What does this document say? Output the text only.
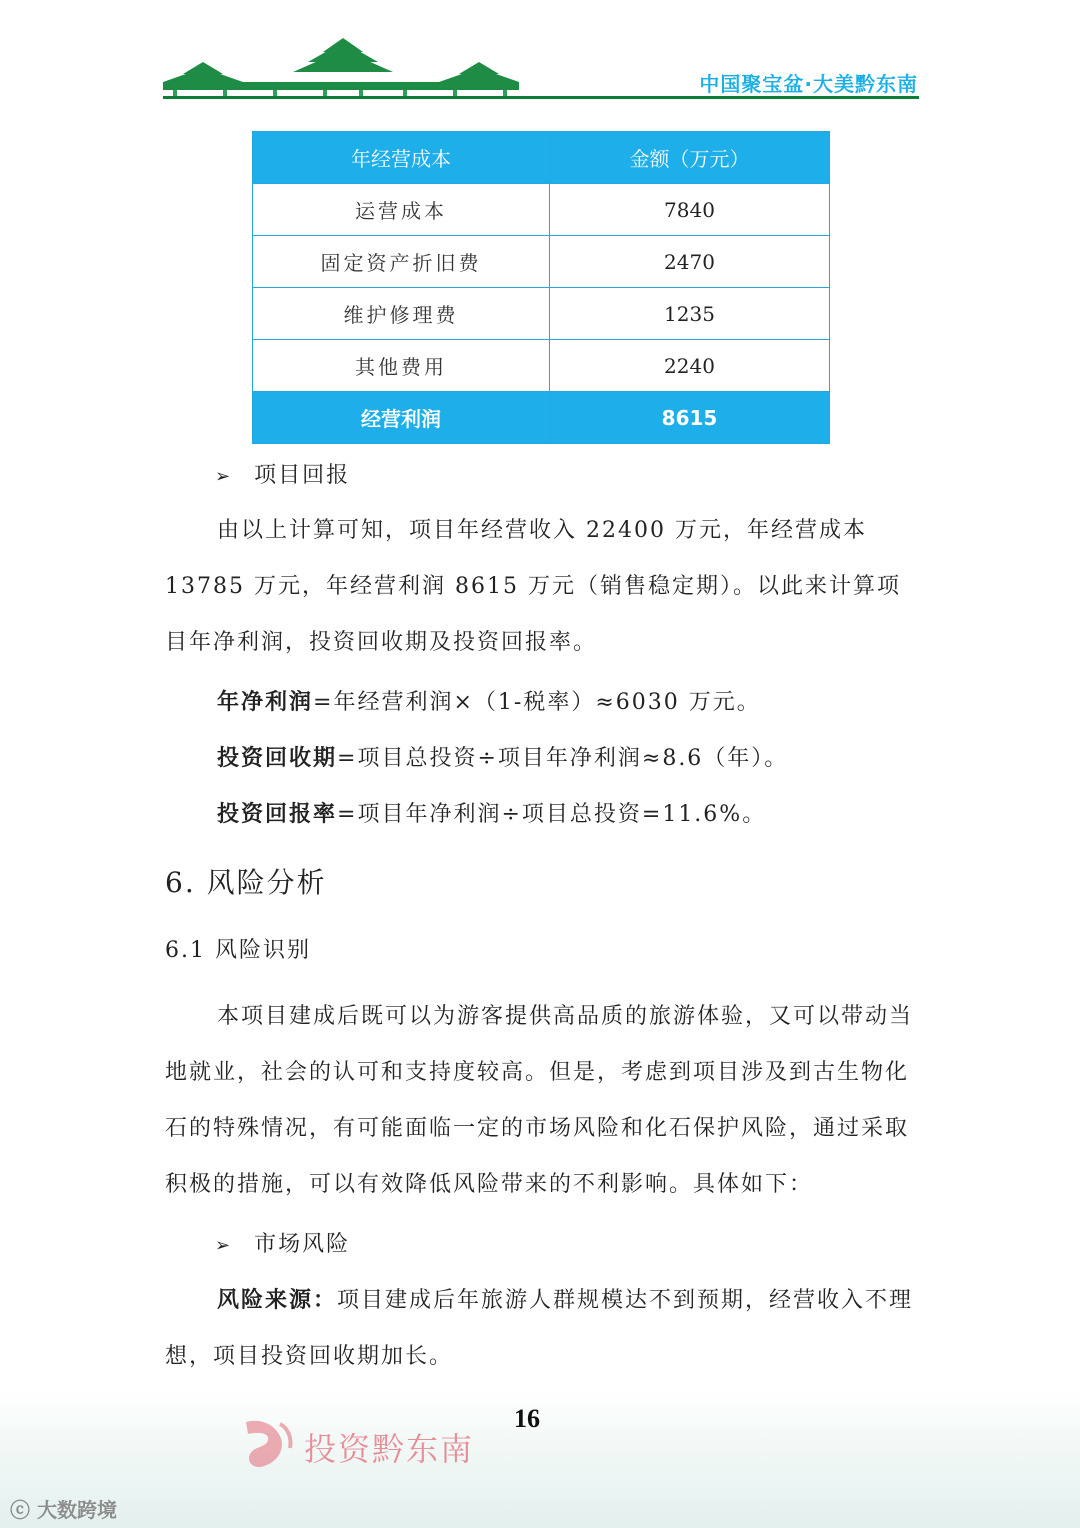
中国聚宝盆·大美黔东南
年经营成本	金额（万元）
运营成本	7840
固定资产折旧费	2470
维护修理费	1235
其他费用	2240
经营利润	8615
➢ 项目回报
由以上计算可知，项目年经营收入 22400 万元，年经营成本 13785 万元，年经营利润 8615 万元（销售稳定期）。以此来计算项目年净利润，投资回收期及投资回报率。
年净利润=年经营利润×（1-税率）≈6030 万元。
投资回收期=项目总投资÷项目年净利润≈8.6（年）。
投资回报率=项目年净利润÷项目总投资=11.6%。
6. 风险分析
6.1 风险识别
本项目建成后既可以为游客提供高品质的旅游体验，又可以带动当地就业，社会的认可和支持度较高。但是，考虑到项目涉及到古生物化石的特殊情况，有可能面临一定的市场风险和化石保护风险，通过采取积极的措施，可以有效降低风险带来的不利影响。具体如下：
➢ 市场风险
风险来源：项目建成后年旅游人群规模达不到预期，经营收入不理想，项目投资回收期加长。
投资黔东南
16
ⓒ 大数跨境
